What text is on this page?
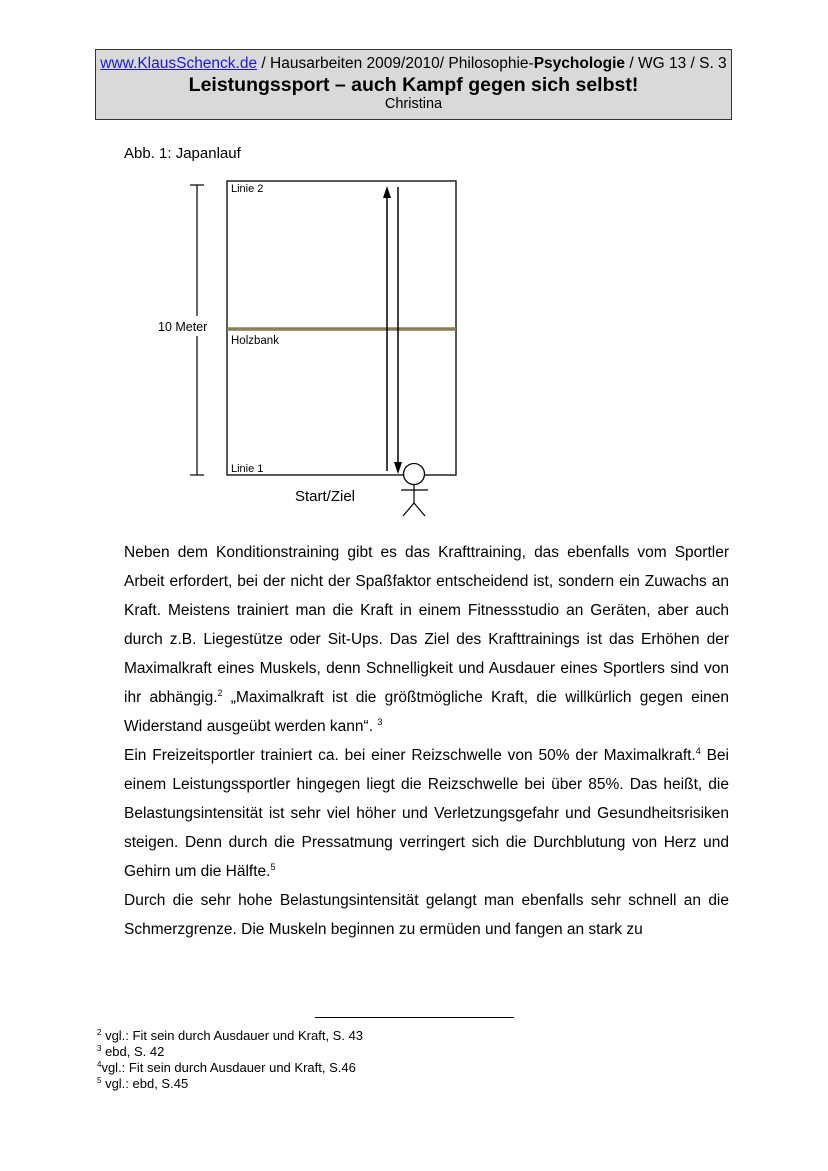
www.KlausSchenck.de / Hausarbeiten 2009/2010/ Philosophie-Psychologie / WG 13 / S. 3
Leistungssport – auch Kampf gegen sich selbst!
Christina
Abb. 1: Japanlauf
Linie 2
Holzbank
Linie 1
10 Meter
Start/Ziel

Neben dem Konditionstraining gibt es das Krafttraining, das ebenfalls vom Sportler Arbeit erfordert, bei der nicht der Spaßfaktor entscheidend ist, sondern ein Zuwachs an Kraft. Meistens trainiert man die Kraft in einem Fitnessstudio an Geräten, aber auch durch z.B. Liegestütze oder Sit-Ups. Das Ziel des Krafttrainings ist das Erhöhen der Maximalkraft eines Muskels, denn Schnelligkeit und Ausdauer eines Sportlers sind von ihr abhängig.$^2$ „Maximalkraft ist die größtmögliche Kraft, die willkürlich gegen einen Widerstand ausgeübt werden kann“. $^3$

Ein Freizeitsportler trainiert ca. bei einer Reizschwelle von 50% der Maximalkraft.$^4$ Bei einem Leistungssportler hingegen liegt die Reizschwelle bei über 85%. Das heißt, die Belastungsintensität ist sehr viel höher und Verletzungsgefahr und Gesundheitsrisiken steigen. Denn durch die Pressatmung verringert sich die Durchblutung von Herz und Gehirn um die Hälfte.$^5$

Durch die sehr hohe Belastungsintensität gelangt man ebenfalls sehr schnell an die Schmerzgrenze. Die Muskeln beginnen zu ermüden und fangen an stark zu

$^2$ vgl.: Fit sein durch Ausdauer und Kraft, S. 43
$^3$ ebd, S. 42
$^4$vgl.: Fit sein durch Ausdauer und Kraft, S.46
$^5$ vgl.: ebd, S.45
